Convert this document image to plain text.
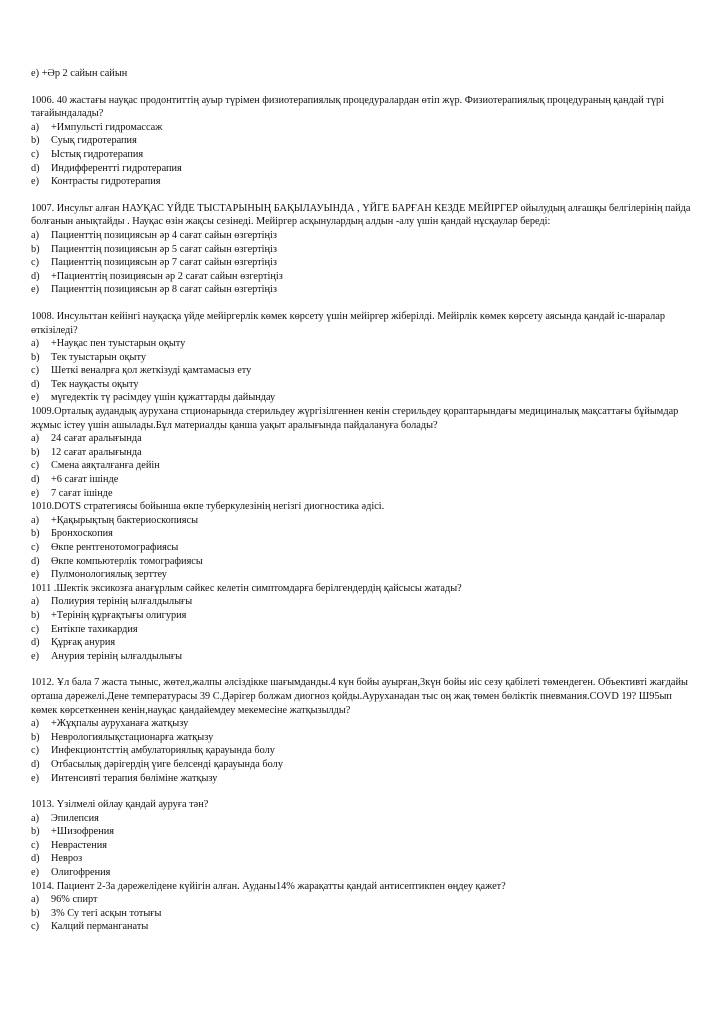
e) +Әр 2 сайын сайын
1006. 40 жастағы науқас продонтиттің ауыр түрімен физиотерапиялық процедуралардан өтіп жүр. Физиотерапиялық процедураның қандай түрі тағайындалады?
a)	+Импульсті гидромассаж
b)	Суық гидротерапия
c)	Ыстық гидротерапия
d)	Индифферентті гидротерапия
e)	Контрасты гидротерапия
1007. Инсульт алған НАУҚАС ҮЙДЕ ТЫСТАРЫНЫҢ БАҚЫЛАУЫНДА , ҮЙГЕ БАРҒАН КЕЗДЕ МЕЙІРГЕР ойылудың алғашқы белгілерінің пайда болғанын анықтайды . Науқас өзін жақсы сезінеді. Мейіргер асқынулардың алдын -алу үшін қандай нұсқаулар береді:
a)	Пациенттің позициясын әр 4 сағат сайын өзгертіңіз
b)	Пациенттің позициясын әр 5 сағат сайын өзгертіңіз
c)	Пациенттің позициясын әр 7 сағат сайын өзгертіңіз
d)	+Пациенттің позициясын әр 2 сағат сайын өзгертіңіз
e)	Пациенттің позициясын әр 8 сағат сайын өзгертіңіз
1008. Инсульттан кейінгі науқасқа үйде мейіргерлік көмек көрсету үшін мейіргер жіберілді. Мейірлік көмек көрсету аясында қандай іс-шаралар өткізіледі?
a)	+Науқас пен туыстарын оқыту
b)	Тек туыстарын оқыту
c)	Шеткі веналрға қол жеткізуді қамтамасыз ету
d)	Тек науқасты оқыту
e)	мүгедектік тү рәсімдеу үшін құжаттарды дайындау
1009.Орталық аудандық ауруханa стционарында стерильдеу жүргізілгеннен кенін стерильдеу қораптарындағы медициналық мақсаттағы бұйымдар жұмыс істеу үшін ашылады.Бұл материалды қанша уақыт аралығында пайдалануға болады?
a)	24 сағат аралығында
b)	12 сағат аралығында
c)	Смена аяқталғанға дейін
d)	+6 сағат ішінде
e)	7 сағат ішінде
1010.DOTS стратегиясы бойынша өкпе туберкулезінің негізгі диогностика әдісі.
a)	+Қақырықтың бактериоскопиясы
b)	Бронхоскопия
c)	Өкпе рентгенотомографиясы
d)	Өкпе компьютерлік томографиясы
e)	Пулмонологиялық зерттеу
1011 .Шектік эксикозға анағұрлым сәйкес келетін симптомдарға берілгендердің қайсысы жатады?
a)	Полиурия терінің ылғалдылығы
b)	+Терінің құрғақтығы олигурия
c)	Ентікпе тахикардия
d)	Құрғақ анурия
e)	Анурия терінің ылғалдылығы
1012. Ұл бала 7 жаста тыныс, жөтел,жалпы әлсіздікке шағымданды.4 күн бойы ауырған,3күн бойы иіс сезу қабілеті төмендеген. Объективті жағдайы орташа дәрежелі.Дене температурасы 39 С.Дәрігер болжам диогноз қойды.Ауруханадан тыс оң жақ төмен бөліктік пневмания.COVD 19? Ш95ып көмек көрсеткеннен кенін,науқас қандайемдеу мекемесіне жатқызылды?
a)	+Жұқпалы ауруханаға жатқызу
b)	Неврологиялықстационарға жатқызу
c)	Инфекционтсттің амбулаториялық қарауында болу
d)	Отбасылық дәрігердің үиге белсенді қарауында болу
e)	Интенсивті терапия бөліміне жатқызу
1013. Үзілмелі ойлау қандай ауруға тән?
a)	Эпилепсия
b)	+Шизофрения
c)	Неврастения
d)	Невроз
e)	Олигофрения
1014. Пациент 2-3a дәрежелідене күйігін алған. Ауданы14% жарақатты қандай антисептикпен өңдеу қажет?
a)	96% спирт
b)	3% Су тегі асқын тотығы
c)	Калций перманганаты
